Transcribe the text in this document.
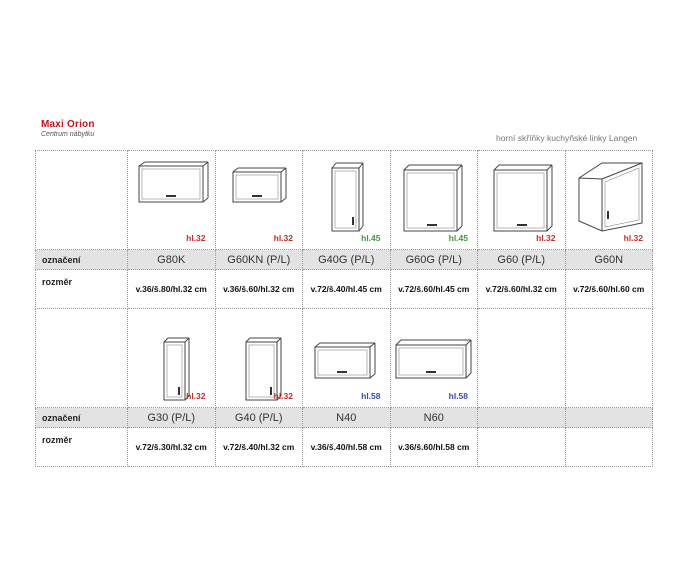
Maxi Orion
Centrum nábytku	horní skříňky kuchyňské linky Langen

	hl.32	hl.32	hl.45	hl.45	hl.32	hl.32

označení	G80K	G60KN (P/L)	G40G (P/L)	G60G (P/L)	G60 (P/L)	G60N
rozměr	v.36/š.80/hl.32 cm	v.36/š.60/hl.32 cm	v.72/š.40/hl.45 cm	v.72/š.60/hl.45 cm	v.72/š.60/hl.32 cm	v.72/š.60/hl.60 cm

	hl.32	hl.32	hl.58	hl.58		

označení	G30 (P/L)	G40 (P/L)	N40	N60		
rozměr	v.72/š.30/hl.32 cm	v.72/š.40/hl.32 cm	v.36/š.40/hl.58 cm	v.36/š.60/hl.58 cm		
